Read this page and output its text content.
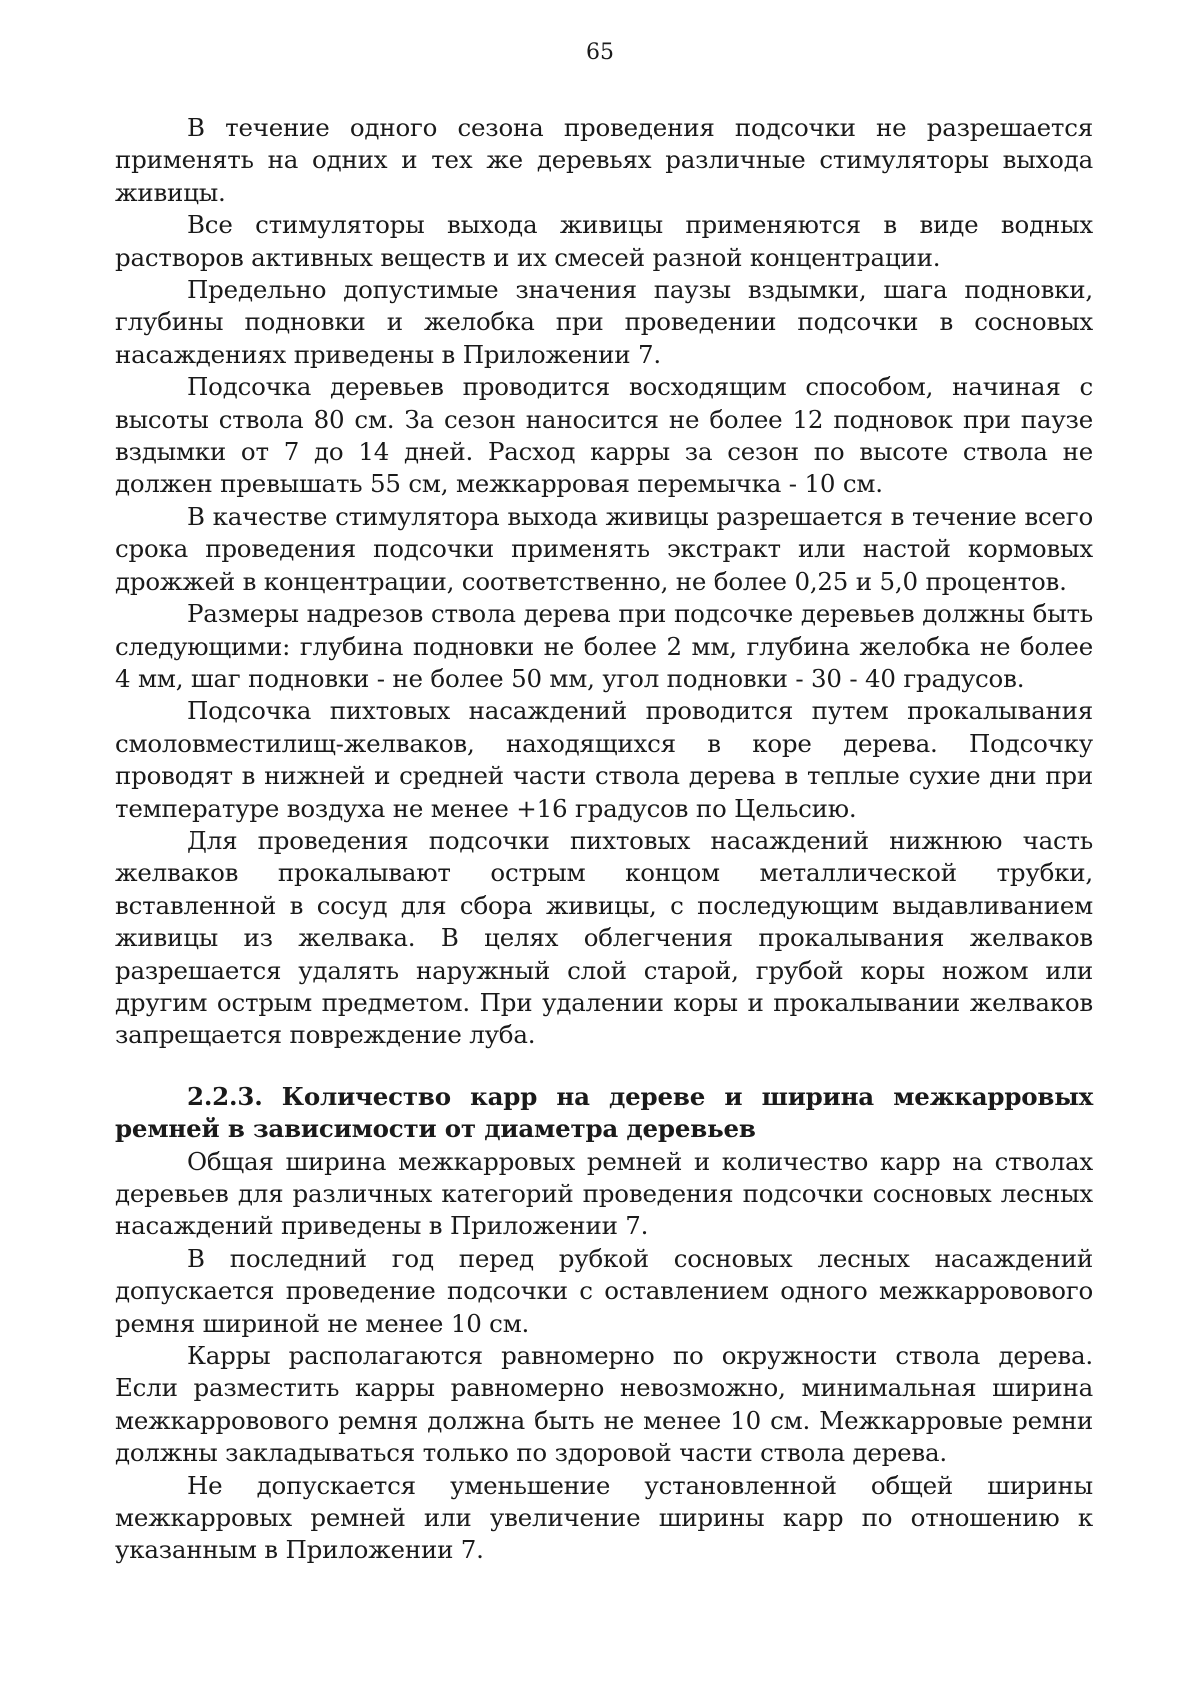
65

В течение одного сезона проведения подсочки не разрешается применять на одних и тех же деревьях различные стимуляторы выхода живицы.

Все стимуляторы выхода живицы применяются в виде водных растворов активных веществ и их смесей разной концентрации.

Предельно допустимые значения паузы вздымки, шага подновки, глубины подновки и желобка при проведении подсочки в сосновых насаждениях приведены в Приложении 7.

Подсочка деревьев проводится восходящим способом, начиная с высоты ствола 80 см. За сезон наносится не более 12 подновок при паузе вздымки от 7 до 14 дней. Расход карры за сезон по высоте ствола не должен превышать 55 см, межкарровая перемычка - 10 см.

В качестве стимулятора выхода живицы разрешается в течение всего срока проведения подсочки применять экстракт или настой кормовых дрожжей в концентрации, соответственно, не более 0,25 и 5,0 процентов.

Размеры надрезов ствола дерева при подсочке деревьев должны быть следующими: глубина подновки не более 2 мм, глубина желобка не более 4 мм, шаг подновки - не более 50 мм, угол подновки - 30 - 40 градусов.

Подсочка пихтовых насаждений проводится путем прокалывания смоловместилищ-желваков, находящихся в коре дерева. Подсочку проводят в нижней и средней части ствола дерева в теплые сухие дни при температуре воздуха не менее +16 градусов по Цельсию.

Для проведения подсочки пихтовых насаждений нижнюю часть желваков прокалывают острым концом металлической трубки, вставленной в сосуд для сбора живицы, с последующим выдавливанием живицы из желвака. В целях облегчения прокалывания желваков разрешается удалять наружный слой старой, грубой коры ножом или другим острым предметом. При удалении коры и прокалывании желваков запрещается повреждение луба.

2.2.3. Количество карр на дереве и ширина межкарровых ремней в зависимости от диаметра деревьев

Общая ширина межкарровых ремней и количество карр на стволах деревьев для различных категорий проведения подсочки сосновых лесных насаждений приведены в Приложении 7.

В последний год перед рубкой сосновых лесных насаждений допускается проведение подсочки с оставлением одного межкарровового ремня шириной не менее 10 см.

Карры располагаются равномерно по окружности ствола дерева. Если разместить карры равномерно невозможно, минимальная ширина межкарровового ремня должна быть не менее 10 см. Межкарровые ремни должны закладываться только по здоровой части ствола дерева.

Не допускается уменьшение установленной общей ширины межкарровых ремней или увеличение ширины карр по отношению к указанным в Приложении 7.
